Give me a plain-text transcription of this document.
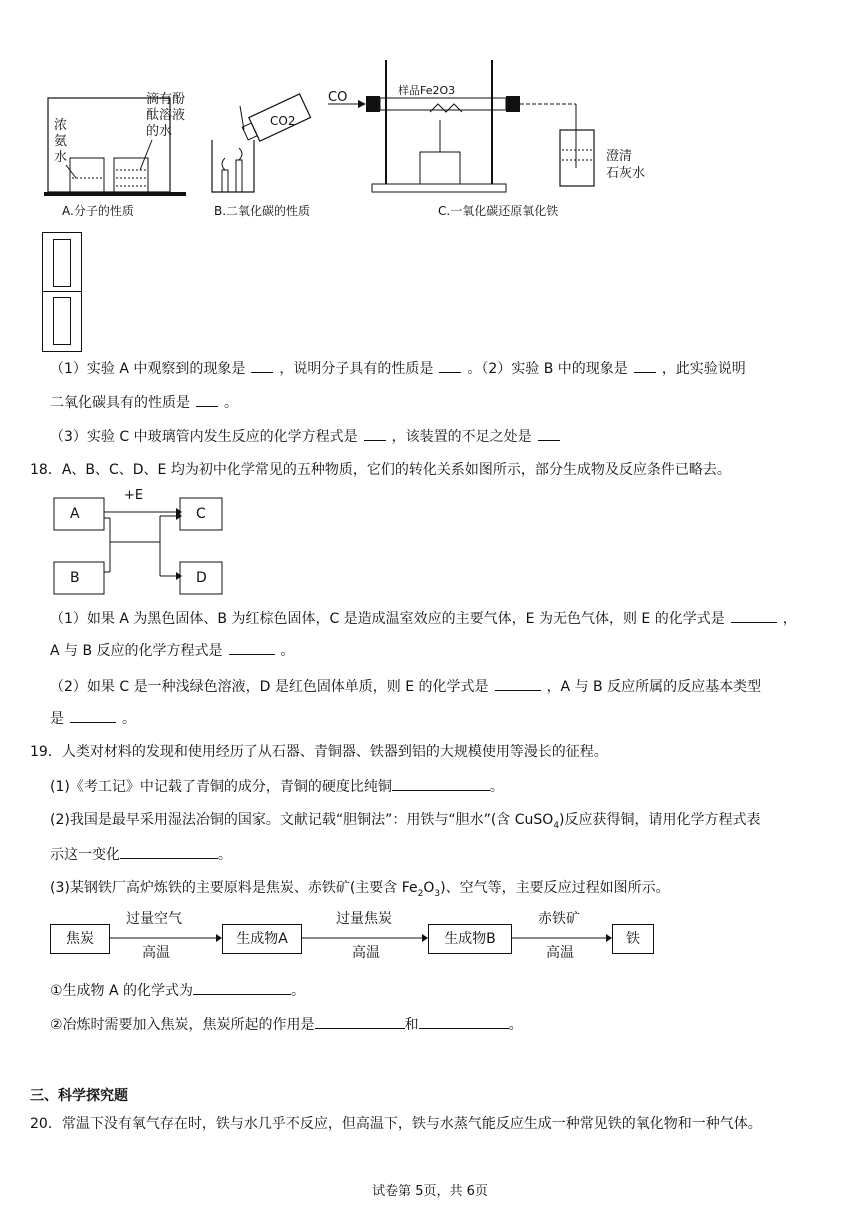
浓氨水
滴有酚
酞溶液
的水
A.分子的性质
CO2
B.二氧化碳的性质
CO	样品Fe2O3
澄清
石灰水
C.一氧化碳还原氧化铁
（1）实验 A 中观察到的现象是 ，说明分子具有的性质是 。（2）实验 B 中的现象是 ，此实验说明
二氧化碳具有的性质是 。
（3）实验 C 中玻璃管内发生反应的化学方程式是 ，该装置的不足之处是
18．A、B、C、D、E 均为初中化学常见的五种物质，它们的转化关系如图所示，部分生成物及反应条件已略去。
A
B
C
D
+E
（1）如果 A 为黑色固体、B 为红棕色固体，C 是造成温室效应的主要气体，E 为无色气体，则 E 的化学式是	，
A 与 B 反应的化学方程式是	。
（2）如果 C 是一种浅绿色溶液，D 是红色固体单质，则 E 的化学式是	，A 与 B 反应所属的反应基本类型
是	。
19．人类对材料的发现和使用经历了从石器、青铜器、铁器到铝的大规模使用等漫长的征程。
(1)《考工记》中记载了青铜的成分，青铜的硬度比纯铜	。
(2)我国是最早采用湿法冶铜的国家。文献记载“胆铜法”：用铁与“胆水”(含 CuSO$_4$)反应获得铜，请用化学方程式表
示这一变化	。
(3)某钢铁厂高炉炼铁的主要原料是焦炭、赤铁矿(主要含 $Fe_2O_3$)、空气等，主要反应过程如图所示。
焦炭	生成物A	生成物B	铁
过量空气
高温
过量焦炭
高温
赤铁矿
高温
①生成物 A 的化学式为	。
②冶炼时需要加入焦炭，焦炭所起的作用是	和	。
三、科学探究题
20．常温下没有氧气存在时，铁与水几乎不反应，但高温下，铁与水蒸气能反应生成一种常见铁的氧化物和一种气体。
试卷第 5页，共 6页
